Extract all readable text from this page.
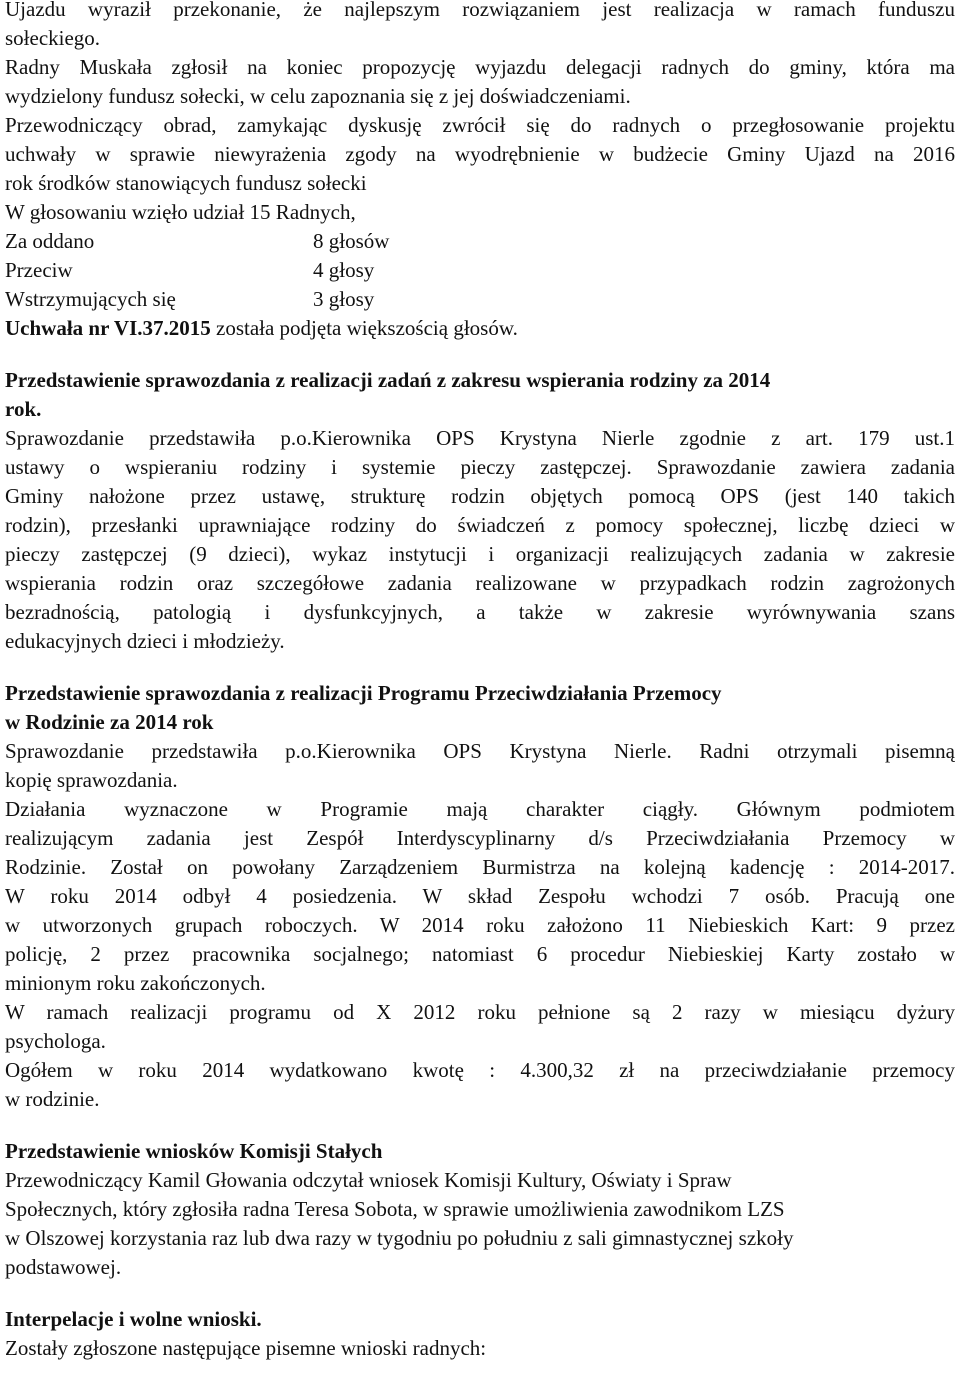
Ujazdu wyraził przekonanie, że najlepszym rozwiązaniem jest realizacja w ramach funduszu
sołeckiego.
Radny Muskała zgłosił na koniec propozycję wyjazdu delegacji radnych do gminy, która ma
wydzielony fundusz sołecki, w celu zapoznania się z jej doświadczeniami.
Przewodniczący obrad, zamykając dyskusję zwrócił się do radnych o przegłosowanie projektu
uchwały w sprawie niewyrażenia zgody na wyodrębnienie w budżecie Gminy Ujazd na 2016
rok środków stanowiących fundusz sołecki
W głosowaniu wzięło udział 15 Radnych,
Za oddano	8 głosów
Przeciw	4 głosy
Wstrzymujących się	3 głosy
Uchwała nr VI.37.2015 została podjęta większością głosów.
Przedstawienie sprawozdania z realizacji zadań z zakresu wspierania rodziny za 2014
rok.
Sprawozdanie przedstawiła p.o.Kierownika OPS Krystyna Nierle zgodnie z art. 179 ust.1
ustawy o wspieraniu rodziny i systemie pieczy zastępczej. Sprawozdanie zawiera zadania
Gminy nałożone przez ustawę, strukturę rodzin objętych pomocą OPS (jest 140 takich
rodzin), przesłanki uprawniające rodziny do świadczeń z pomocy społecznej, liczbę dzieci w
pieczy zastępczej (9 dzieci), wykaz instytucji i organizacji realizujących zadania w zakresie
wspierania rodzin oraz szczegółowe zadania realizowane w przypadkach rodzin zagrożonych
bezradnością, patologią i dysfunkcyjnych, a także w zakresie wyrównywania szans
edukacyjnych dzieci i młodzieży.
Przedstawienie sprawozdania z realizacji Programu Przeciwdziałania Przemocy
w Rodzinie za 2014 rok
Sprawozdanie przedstawiła p.o.Kierownika OPS Krystyna Nierle. Radni otrzymali pisemną
kopię sprawozdania.
Działania wyznaczone w Programie mają charakter ciągły. Głównym podmiotem
realizującym zadania jest Zespół Interdyscyplinarny d/s Przeciwdziałania Przemocy w
Rodzinie. Został on powołany Zarządzeniem Burmistrza na kolejną kadencję : 2014-2017.
W roku 2014 odbył 4 posiedzenia. W skład Zespołu wchodzi 7 osób. Pracują one
w utworzonych grupach roboczych. W 2014 roku założono 11 Niebieskich Kart: 9 przez
policję, 2 przez pracownika socjalnego; natomiast 6 procedur Niebieskiej Karty zostało w
minionym roku zakończonych.
W ramach realizacji programu od X 2012 roku pełnione są 2 razy w miesiącu dyżury
psychologa.
Ogółem w roku 2014 wydatkowano kwotę : 4.300,32 zł na przeciwdziałanie przemocy
w rodzinie.
Przedstawienie wniosków Komisji Stałych
Przewodniczący Kamil Głowania odczytał wniosek Komisji Kultury, Oświaty i Spraw
Społecznych, który zgłosiła radna Teresa Sobota, w sprawie umożliwienia zawodnikom LZS
w Olszowej korzystania raz lub dwa razy w tygodniu po południu z sali gimnastycznej szkoły
podstawowej.
Interpelacje i wolne wnioski.
Zostały zgłoszone następujące pisemne wnioski radnych:
